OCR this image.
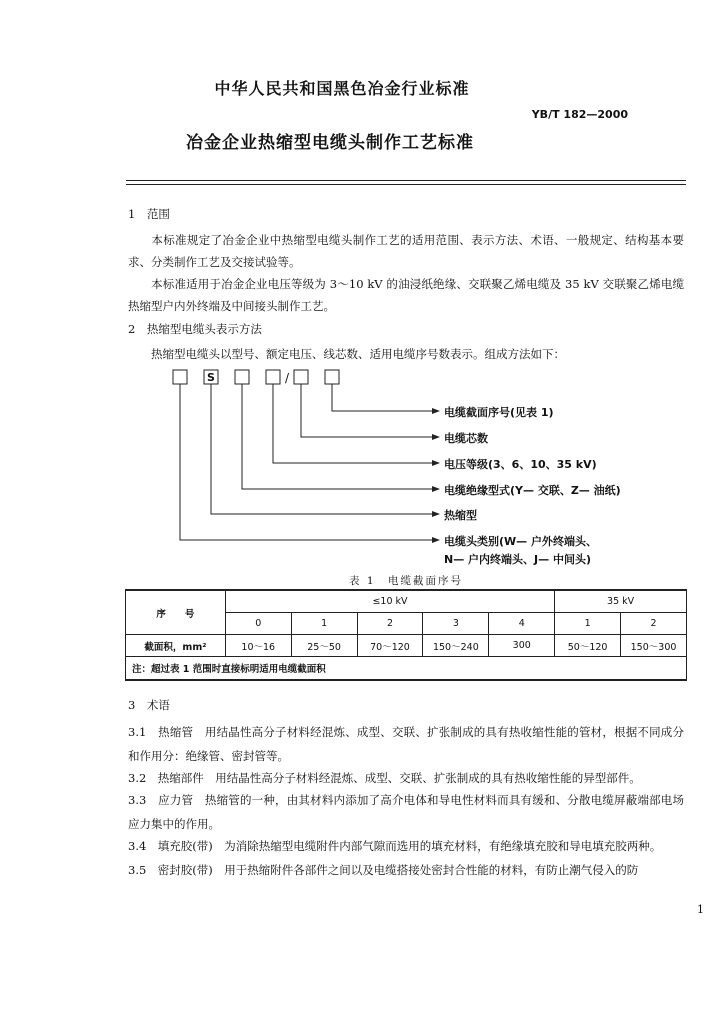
中华人民共和国黑色冶金行业标准
YB/T 182—2000
冶金企业热缩型电缆头制作工艺标准
1　范围
本标准规定了冶金企业中热缩型电缆头制作工艺的适用范围、表示方法、术语、一般规定、结构基本要求、分类制作工艺及交接试验等。
本标准适用于冶金企业电压等级为 3～10 kV 的油浸纸绝缘、交联聚乙烯电缆及 35 kV 交联聚乙烯电缆热缩型户内外终端及中间接头制作工艺。
2　热缩型电缆头表示方法
热缩型电缆头以型号、额定电压、线芯数、适用电缆序号数表示。组成方法如下：
S	/
电缆截面序号(见表 1)
电缆芯数
电压等级(3、6、10、35 kV)
电缆绝缘型式(Y— 交联、Z— 油纸)
热缩型
电缆头类别(W— 户外终端头、
N— 户内终端头、J— 中间头)
表 1　电缆截面序号
序　　号	≤10 kV					35 kV	
	0	1	2	3	4	1	2
截面积，mm²	10～16	25～50	70～120	150～240	300	50～120	150～300
注：超过表 1 范围时直接标明适用电缆截面积							
3　术语
3.1　热缩管　用结晶性高分子材料经混炼、成型、交联、扩张制成的具有热收缩性能的管材，根据不同成分和作用分：绝缘管、密封管等。
3.2　热缩部件　用结晶性高分子材料经混炼、成型、交联、扩张制成的具有热收缩性能的异型部件。
3.3　应力管　热缩管的一种，由其材料内添加了高介电体和导电性材料而具有缓和、分散电缆屏蔽端部电场应力集中的作用。
3.4　填充胶(带)　为消除热缩型电缆附件内部气隙而选用的填充材料，有绝缘填充胶和导电填充胶两种。
3.5　密封胶(带)　用于热缩附件各部件之间以及电缆搭接处密封合性能的材料，有防止潮气侵入的防
1
